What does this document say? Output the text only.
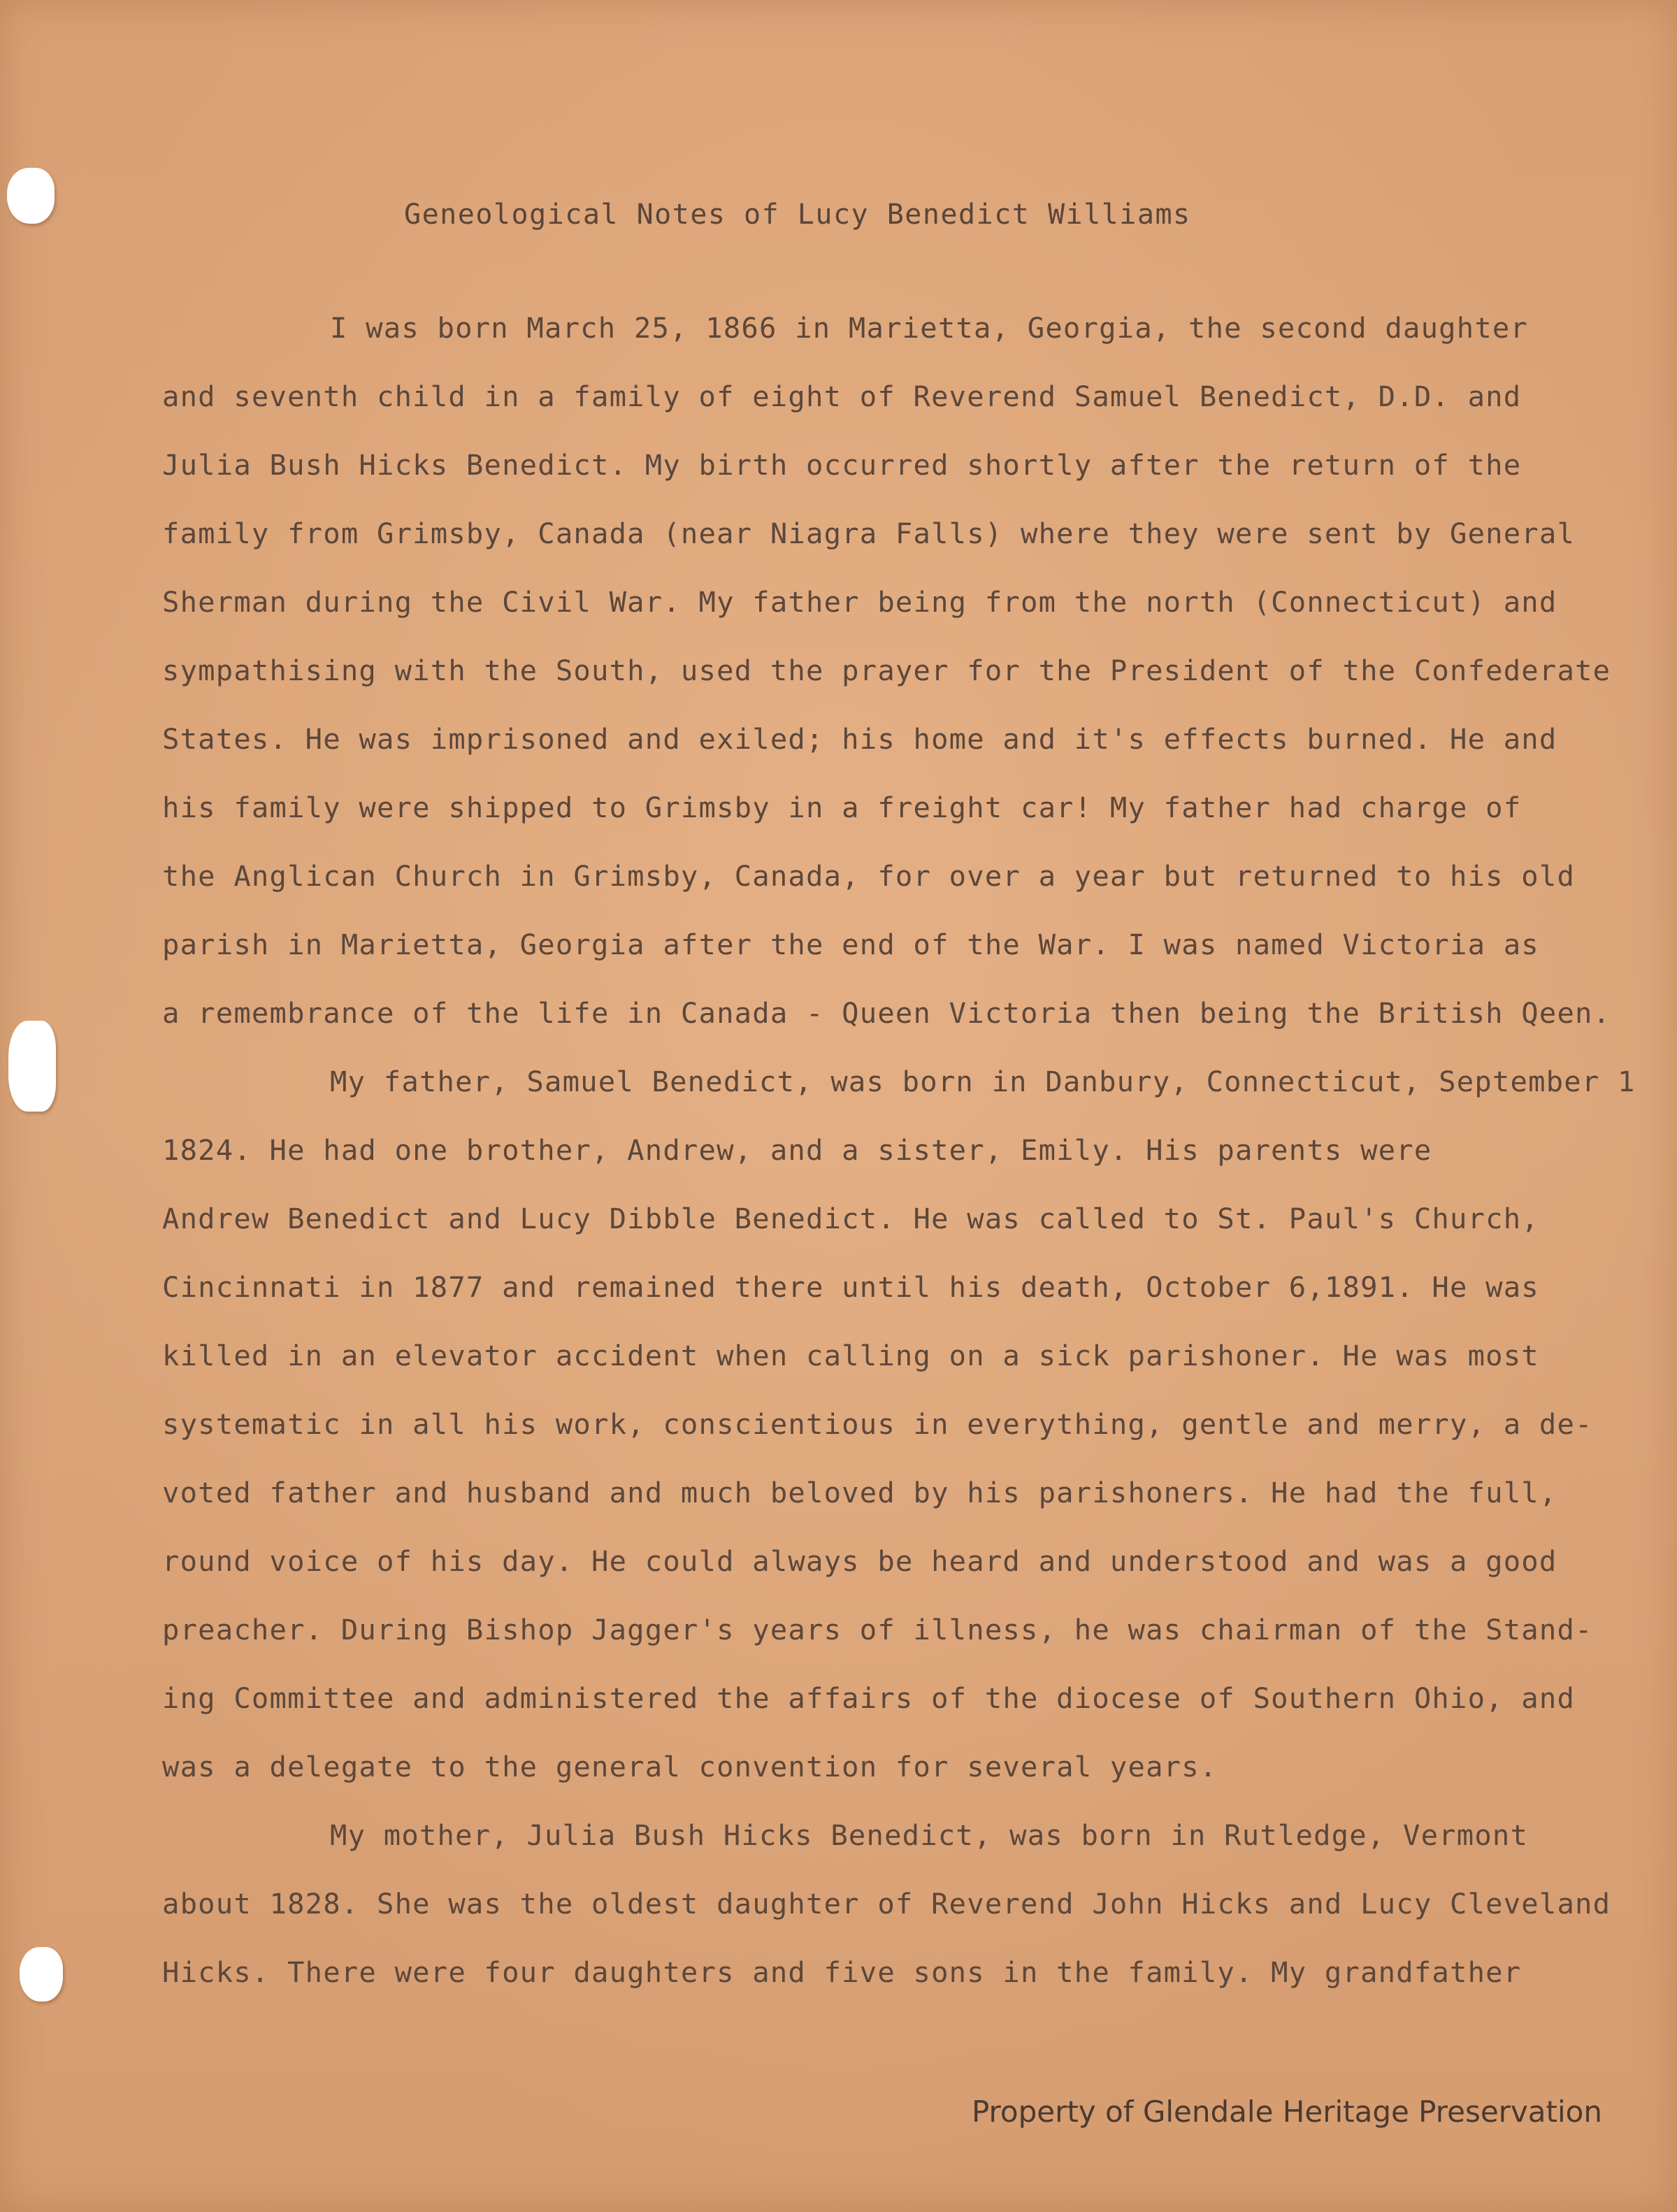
Geneological Notes of Lucy Benedict Williams
I was born March 25, 1866 in Marietta, Georgia, the second daughter
and seventh child in a family of eight of Reverend Samuel Benedict, D.D. and
Julia Bush Hicks Benedict. My birth occurred shortly after the return of the
family from Grimsby, Canada (near Niagra Falls) where they were sent by General
Sherman during the Civil War. My father being from the north (Connecticut) and
sympathising with the South, used the prayer for the President of the Confederate
States. He was imprisoned and exiled; his home and it's effects burned. He and
his family were shipped to Grimsby in a freight car! My father had charge of
the Anglican Church in Grimsby, Canada, for over a year but returned to his old
parish in Marietta, Georgia after the end of the War. I was named Victoria as
a remembrance of the life in Canada - Queen Victoria then being the British Qeen.
My father, Samuel Benedict, was born in Danbury, Connecticut, September 1
1824. He had one brother, Andrew, and a sister, Emily. His parents were
Andrew Benedict and Lucy Dibble Benedict. He was called to St. Paul's Church,
Cincinnati in 1877 and remained there until his death, October 6,1891. He was
killed in an elevator accident when calling on a sick parishoner. He was most
systematic in all his work, conscientious in everything, gentle and merry, a de-
voted father and husband and much beloved by his parishoners. He had the full,
round voice of his day. He could always be heard and understood and was a good
preacher. During Bishop Jagger's years of illness, he was chairman of the Stand-
ing Committee and administered the affairs of the diocese of Southern Ohio, and
was a delegate to the general convention for several years.
My mother, Julia Bush Hicks Benedict, was born in Rutledge, Vermont
about 1828. She was the oldest daughter of Reverend John Hicks and Lucy Cleveland
Hicks. There were four daughters and five sons in the family. My grandfather
Property of Glendale Heritage Preservation
